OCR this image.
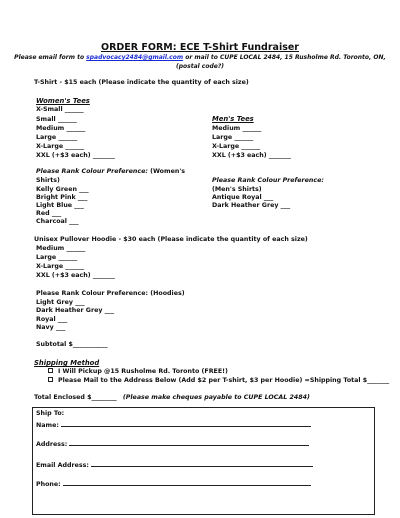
ORDER FORM: ECE T-Shirt Fundraiser
Please email form to spadvocacy2484@gmail.com or mail to CUPE LOCAL 2484, 15 Rusholme Rd. Toronto, ON,
(postal code?)
T-Shirt - $15 each (Please indicate the quantity of each size)
Women's Tees
X-Small ______
Small ______
Medium ______
Large ______
X-Large ______
XXL (+$3 each) _______
Men's Tees
Medium ______
Large ______
X-Large ______
XXL (+$3 each) _______
Please Rank Colour Preference: (Women's
Shirts)
Kelly Green ___
Bright Pink ___
Light Blue ___
Red ___
Charcoal ___
Please Rank Colour Preference:
(Men's Shirts)
Antique Royal ___
Dark Heather Grey ___
Unisex Pullover Hoodie - $30 each (Please indicate the quantity of each size)
Medium ______
Large ______
X-Large ______
XXL (+$3 each) _______
Please Rank Colour Preference: (Hoodies)
Light Grey ___
Dark Heather Grey ___
Royal ___
Navy ___
Subtotal $___________
Shipping Method
I Will Pickup @15 Rusholme Rd. Toronto (FREE!)
Please Mail to the Address Below (Add $2 per T-shirt, $3 per Hoodie) =Shipping Total $_______
Total Enclosed $________ (Please make cheques payable to CUPE LOCAL 2484)
Ship To:
Name:
Address:
Email Address:
Phone:
